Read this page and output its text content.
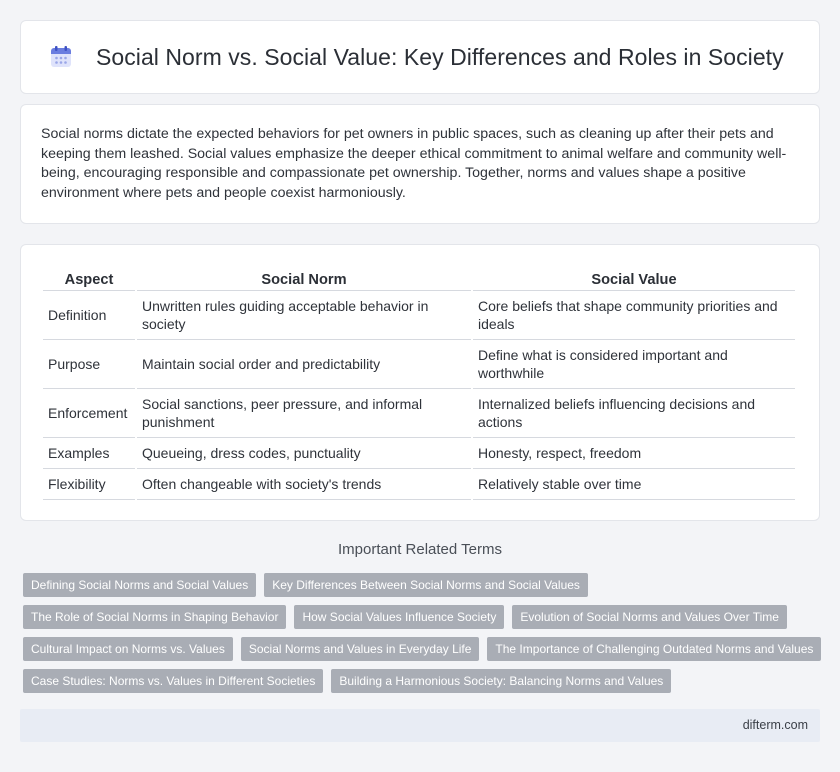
Social Norm vs. Social Value: Key Differences and Roles in Society

Social norms dictate the expected behaviors for pet owners in public spaces, such as cleaning up after their pets and keeping them leashed. Social values emphasize the deeper ethical commitment to animal welfare and community well-being, encouraging responsible and compassionate pet ownership. Together, norms and values shape a positive environment where pets and people coexist harmoniously.

Aspect	Social Norm	Social Value
Definition	Unwritten rules guiding acceptable behavior in society	Core beliefs that shape community priorities and ideals
Purpose	Maintain social order and predictability	Define what is considered important and worthwhile
Enforcement	Social sanctions, peer pressure, and informal punishment	Internalized beliefs influencing decisions and actions
Examples	Queueing, dress codes, punctuality	Honesty, respect, freedom
Flexibility	Often changeable with society's trends	Relatively stable over time
Important Related Terms
Defining Social Norms and Social Values	Key Differences Between Social Norms and Social Values
The Role of Social Norms in Shaping Behavior	How Social Values Influence Society	Evolution of Social Norms and Values Over Time
Cultural Impact on Norms vs. Values	Social Norms and Values in Everyday Life	The Importance of Challenging Outdated Norms and Values
Case Studies: Norms vs. Values in Different Societies	Building a Harmonious Society: Balancing Norms and Values
difterm.com
